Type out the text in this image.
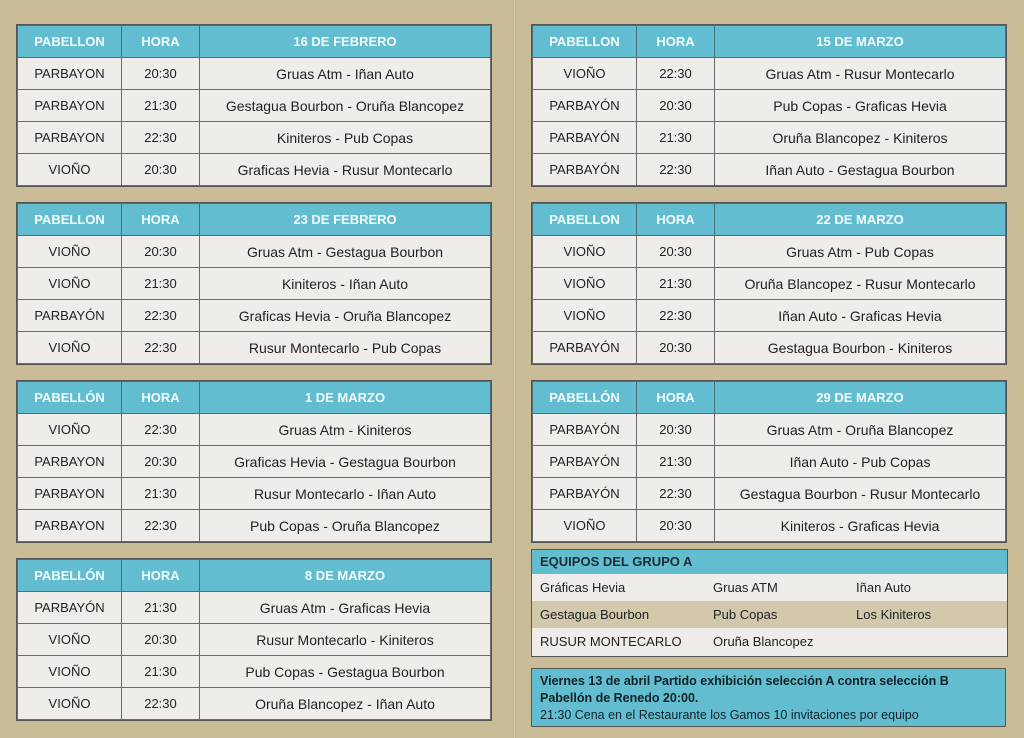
EQUIPOS DEL GRUPO A
Gráficas Hevia	Gruas ATM	Iñan Auto
Gestagua Bourbon	Pub Copas	Los Kiniteros
RUSUR MONTECARLO	Oruña Blancopez
Viernes 13 de abril Partido exhibición selección A contra selección B
Pabellón de Renedo 20:00.
21:30 Cena en el Restaurante los Gamos 10 invitaciones por equipo
PABELLON	HORA	16 DE FEBRERO
PARBAYON	20:30	Gruas Atm - Iñan Auto
PARBAYON	21:30	Gestagua Bourbon - Oruña Blancopez
PARBAYON	22:30	Kiniteros - Pub Copas
VIOÑO	20:30	Graficas Hevia - Rusur Montecarlo
PABELLON	HORA	23 DE FEBRERO
VIOÑO	20:30	Gruas Atm - Gestagua Bourbon
VIOÑO	21:30	Kiniteros - Iñan Auto
PARBAYÓN	22:30	Graficas Hevia - Oruña Blancopez
VIOÑO	22:30	Rusur Montecarlo - Pub Copas
PABELLÓN	HORA	1 DE MARZO
VIOÑO	22:30	Gruas Atm - Kiniteros
PARBAYON	20:30	Graficas Hevia - Gestagua Bourbon
PARBAYON	21:30	Rusur Montecarlo - Iñan Auto
PARBAYON	22:30	Pub Copas - Oruña Blancopez
PABELLÓN	HORA	8 DE MARZO
PARBAYÓN	21:30	Gruas Atm - Graficas Hevia
VIOÑO	20:30	Rusur Montecarlo - Kiniteros
VIOÑO	21:30	Pub Copas - Gestagua Bourbon
VIOÑO	22:30	Oruña Blancopez - Iñan Auto
PABELLON	HORA	15 DE MARZO
VIOÑO	22:30	Gruas Atm - Rusur Montecarlo
PARBAYÓN	20:30	Pub Copas - Graficas Hevia
PARBAYÓN	21:30	Oruña Blancopez - Kiniteros
PARBAYÓN	22:30	Iñan Auto - Gestagua Bourbon
PABELLON	HORA	22 DE MARZO
VIOÑO	20:30	Gruas Atm - Pub Copas
VIOÑO	21:30	Oruña Blancopez - Rusur Montecarlo
VIOÑO	22:30	Iñan Auto - Graficas Hevia
PARBAYÓN	20:30	Gestagua Bourbon - Kiniteros
PABELLÓN	HORA	29 DE MARZO
PARBAYÓN	20:30	Gruas Atm - Oruña Blancopez
PARBAYÓN	21:30	Iñan Auto - Pub Copas
PARBAYÓN	22:30	Gestagua Bourbon - Rusur Montecarlo
VIOÑO	20:30	Kiniteros - Graficas Hevia
